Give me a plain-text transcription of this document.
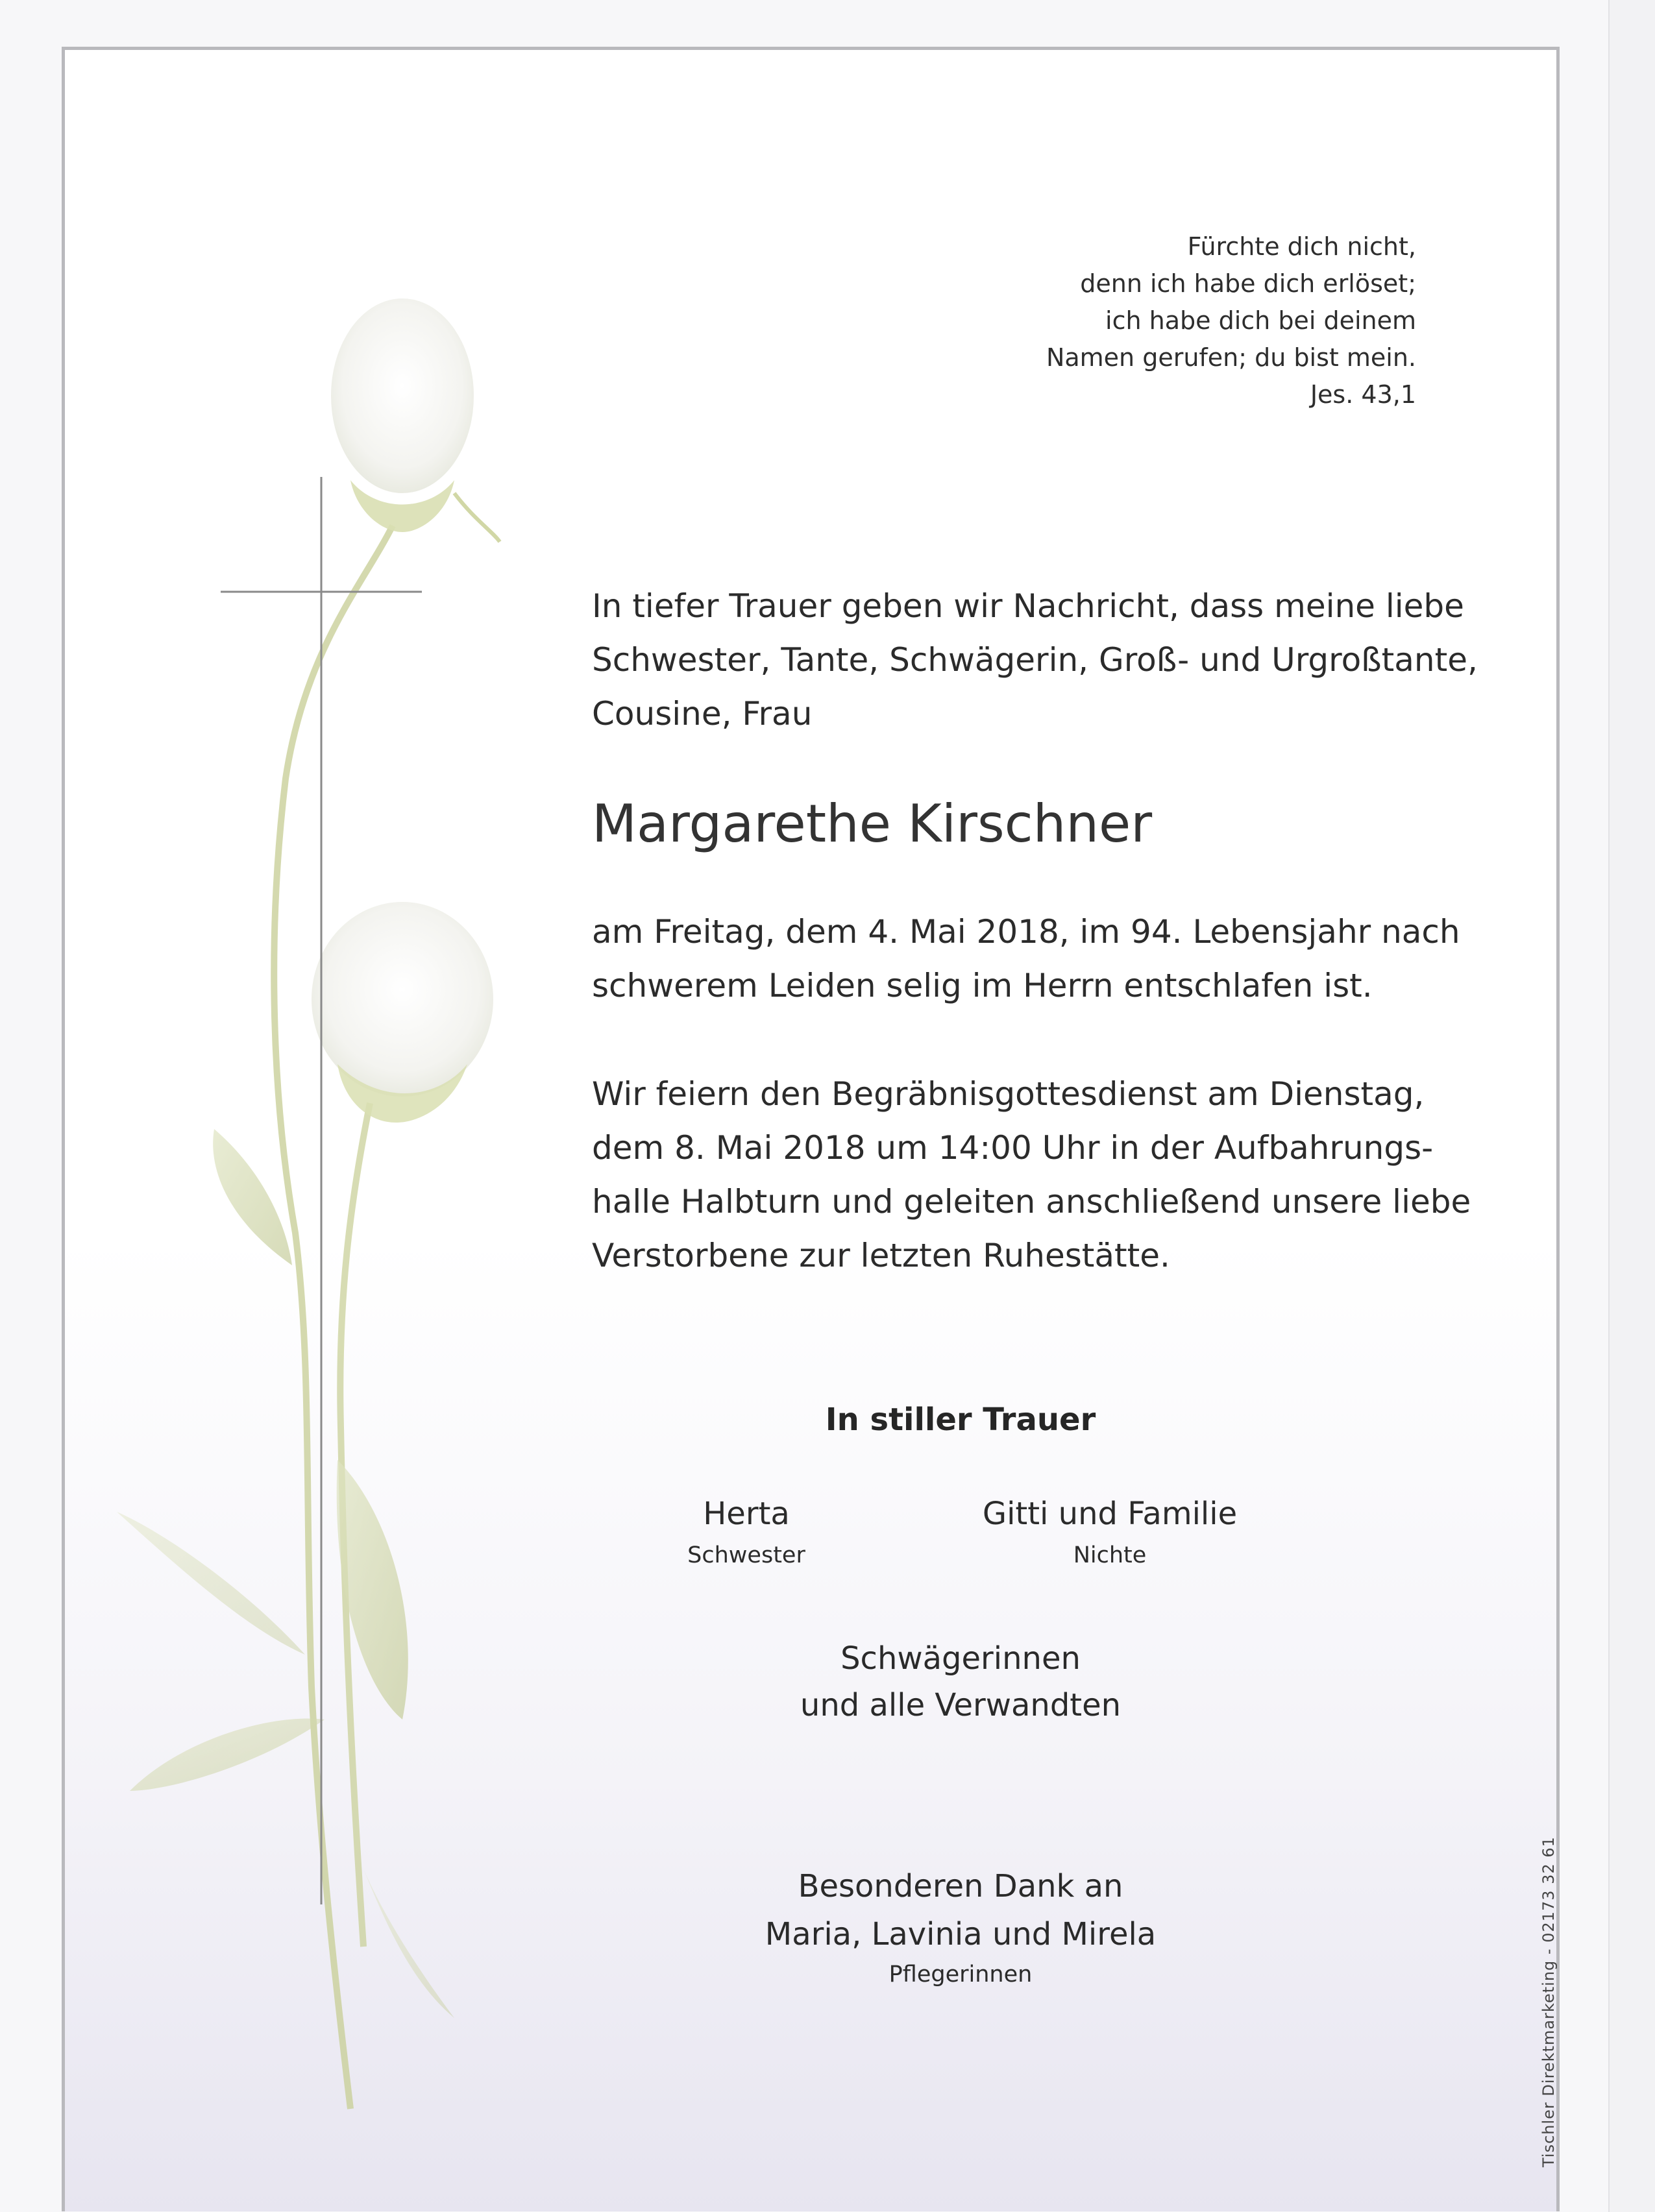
Fürchte dich nicht,
denn ich habe dich erlöset;
ich habe dich bei deinem
Namen gerufen; du bist mein.
Jes. 43,1
In tiefer Trauer geben wir Nachricht, dass meine liebe
Schwester, Tante, Schwägerin, Groß- und Urgroßtante,
Cousine, Frau
Margarethe Kirschner
am Freitag, dem 4. Mai 2018, im 94. Lebensjahr nach
schwerem Leiden selig im Herrn entschlafen ist.
Wir feiern den Begräbnisgottesdienst am Dienstag,
dem 8. Mai 2018 um 14:00 Uhr in der Aufbahrungs-
halle Halbturn und geleiten anschließend unsere liebe
Verstorbene zur letzten Ruhestätte.
In stiller Trauer
Herta
Schwester
Gitti und Familie
Nichte
Schwägerinnen
und alle Verwandten
Besonderen Dank an
Maria, Lavinia und Mirela
Pflegerinnen	Tischler Direktmarketing - 02173 32 61
